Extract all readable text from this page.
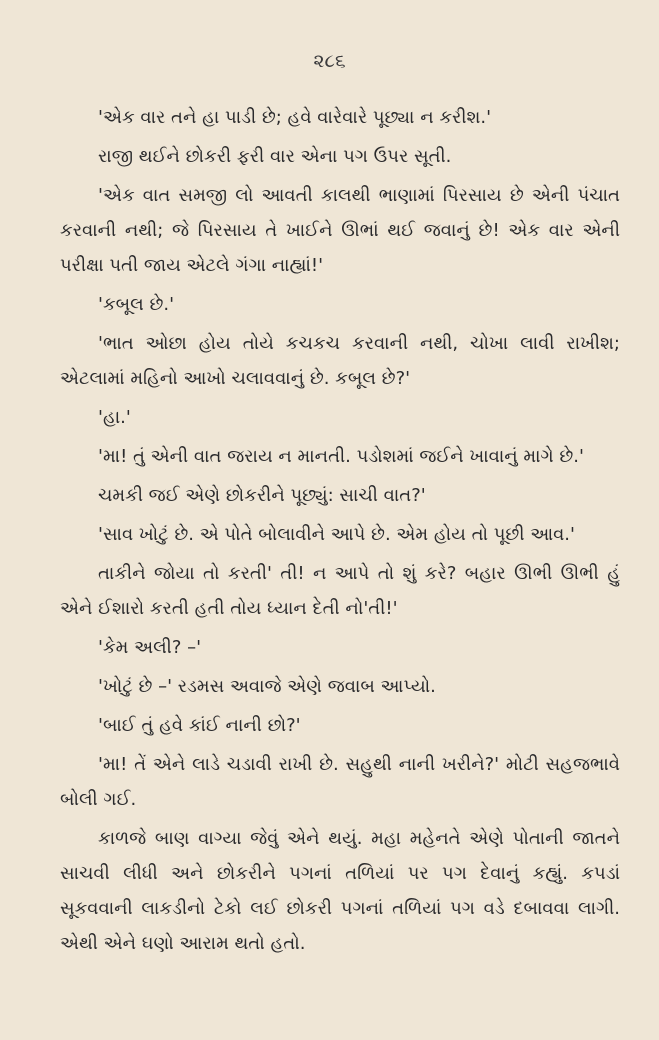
૨૮૬

'એક વાર તને હા પાડી છે; હવે વારેવારે પૂછ્યા ન કરીશ.'

રાજી થઈને છોકરી ફરી વાર એના પગ ઉપર સૂતી.

'એક વાત સમજી લો આવતી કાલથી ભાણામાં પિરસાય છે એની પંચાત કરવાની નથી; જે પિરસાય તે ખાઈને ઊભાં થઈ જવાનું છે! એક વાર એની પરીક્ષા પતી જાય એટલે ગંગા નાહ્યાં!'

'કબૂલ છે.'

'ભાત ઓછા હોય તોયે કચકચ કરવાની નથી, ચોખા લાવી રાખીશ; એટલામાં મહિનો આખો ચલાવવાનું છે. કબૂલ છે?'

'હા.'

'મા! તું એની વાત જરાય ન માનતી. પડોશમાં જઈને ખાવાનું માગે છે.'

ચમકી જઈ એણે છોકરીને પૂછ્યું: સાચી વાત?'

'સાવ ખોટું છે. એ પોતે બોલાવીને આપે છે. એમ હોય તો પૂછી આવ.'

તાકીને જોયા તો કરતી' તી! ન આપે તો શું કરે? બહાર ઊભી ઊભી હું એને ઈશારો કરતી હતી તોય ધ્યાન દેતી નો'તી!'

'કેમ અલી? –'

'ખોટું છે –' રડમસ અવાજે એણે જવાબ આપ્યો.

'બાઈ તું હવે કાંઈ નાની છો?'

'મા! તેં એને લાડે ચડાવી રાખી છે. સહુથી નાની ખરીને?' મોટી સહજભાવે બોલી ગઈ.

કાળજે બાણ વાગ્યા જેવું એને થયું. મહા મહેનતે એણે પોતાની જાતને સાચવી લીધી અને છોકરીને પગનાં તળિયાં પર પગ દેવાનું કહ્યું. કપડાં સૂકવવાની લાકડીનો ટેકો લઈ છોકરી પગનાં તળિયાં પગ વડે દબાવવા લાગી. એથી એને ઘણો આરામ થતો હતો.
